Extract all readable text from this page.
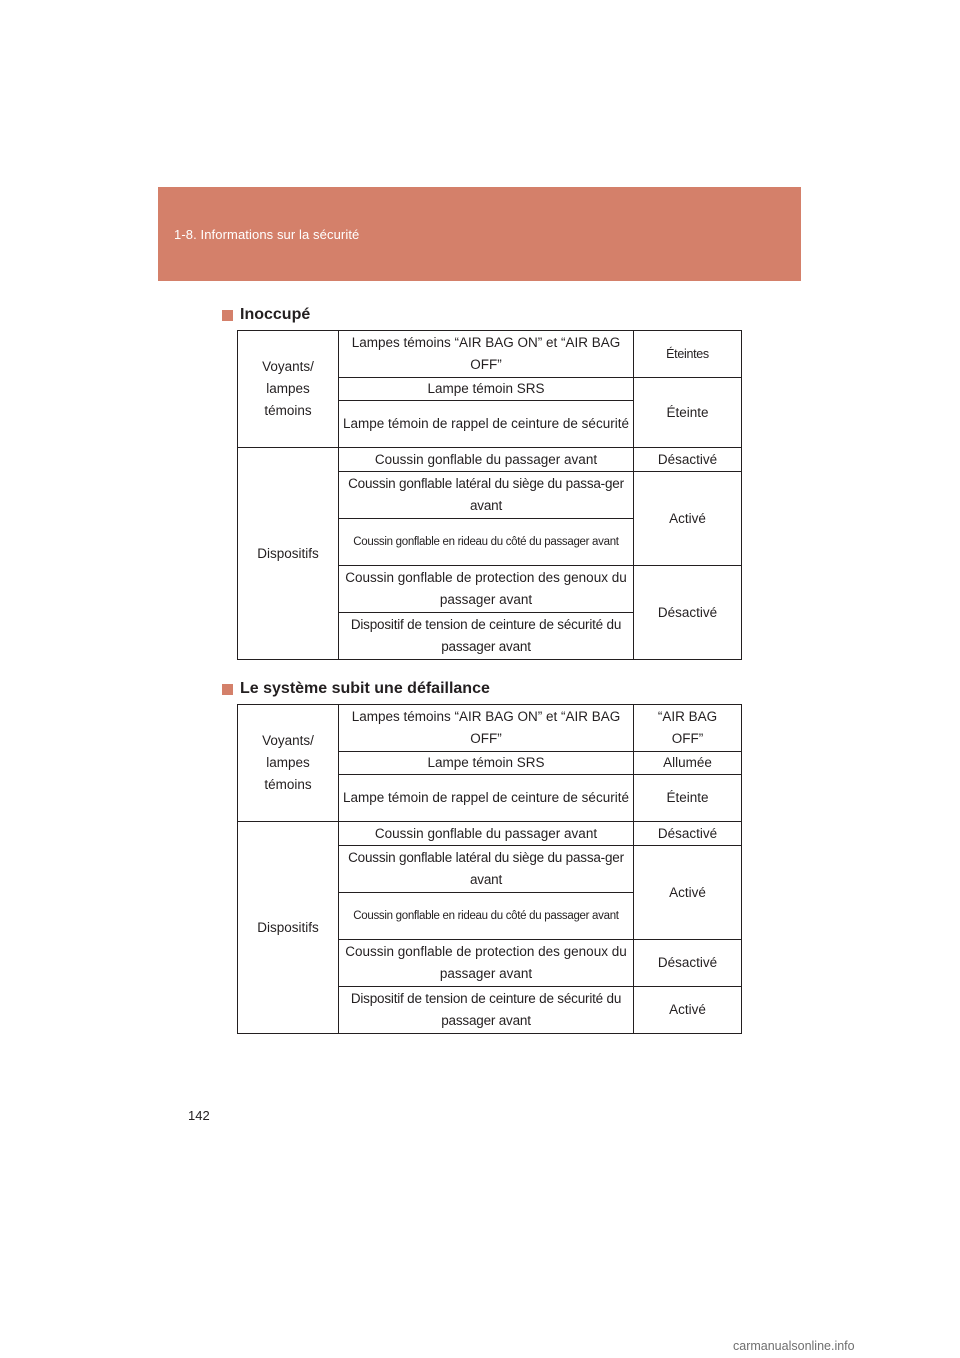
1-8. Informations sur la sécurité
Inoccupé
Voyants/ lampes témoins	Lampes témoins “AIR BAG ON” et “AIR BAG OFF”	Éteintes
	Lampe témoin SRS	Éteinte
	Lampe témoin de rappel de ceinture de sécurité	
Dispositifs	Coussin gonflable du passager avant	Désactivé
	Coussin gonflable latéral du siège du passa-ger avant	Activé
	Coussin gonflable en rideau du côté du passager avant	
	Coussin gonflable de protection des genoux du passager avant	Désactivé
	Dispositif de tension de ceinture de sécurité du passager avant	
Le système subit une défaillance
Voyants/ lampes témoins	Lampes témoins “AIR BAG ON” et “AIR BAG OFF”	“AIR BAG OFF”
	Lampe témoin SRS	Allumée
	Lampe témoin de rappel de ceinture de sécurité	Éteinte
Dispositifs	Coussin gonflable du passager avant	Désactivé
	Coussin gonflable latéral du siège du passa-ger avant	Activé
	Coussin gonflable en rideau du côté du passager avant	
	Coussin gonflable de protection des genoux du passager avant	Désactivé
	Dispositif de tension de ceinture de sécurité du passager avant	Activé
142
carmanualsonline.info
